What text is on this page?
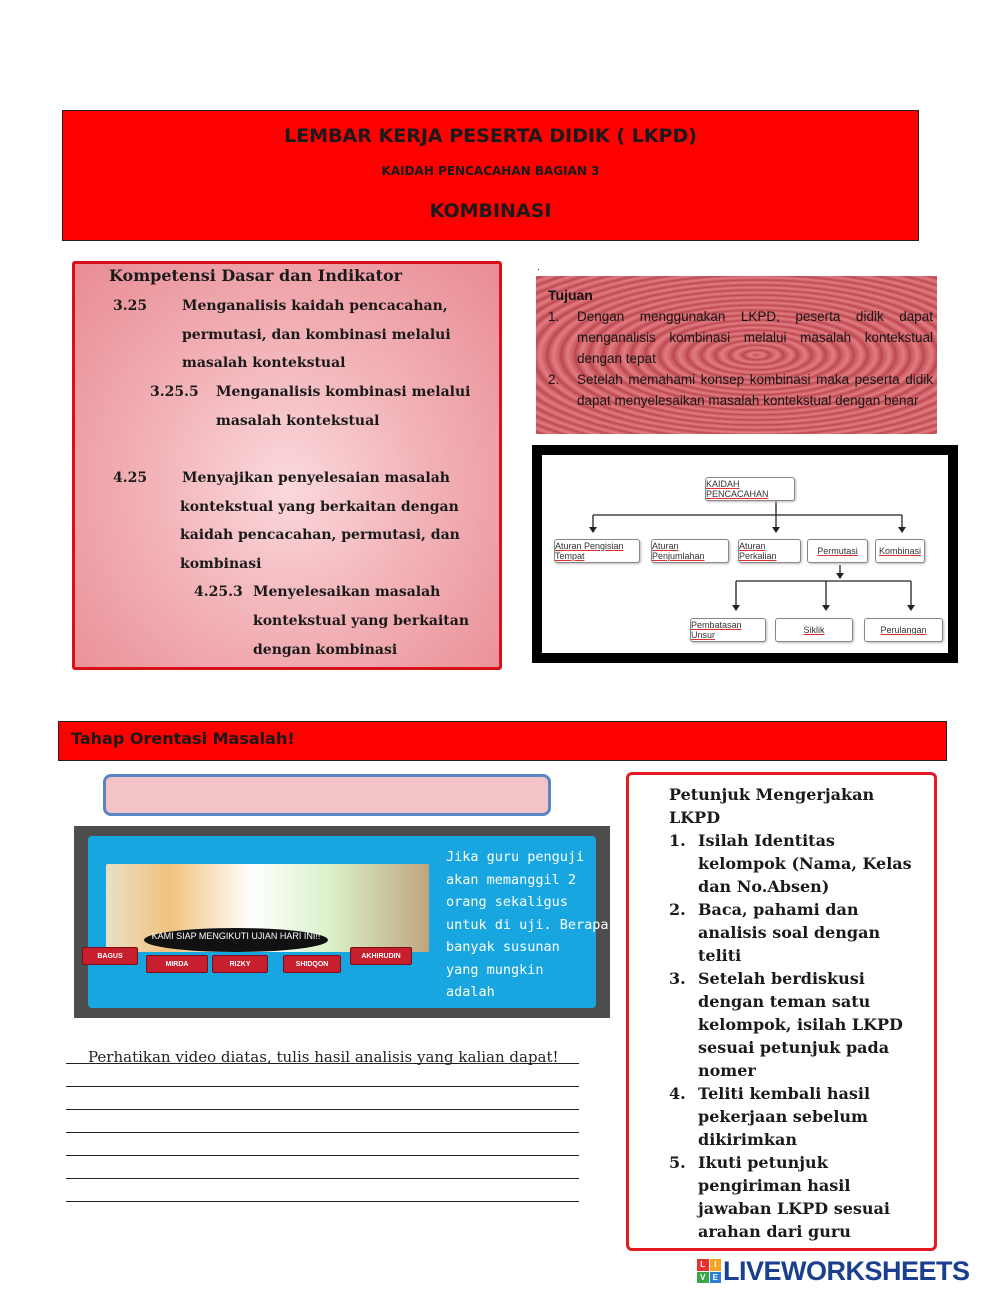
LEMBAR KERJA PESERTA DIDIK ( LKPD)
KAIDAH PENCACAHAN BAGIAN 3
KOMBINASI
Kompetensi Dasar dan Indikator
3.25 Menganalisis kaidah pencacahan,
permutasi, dan kombinasi melalui
masalah kontekstual
3.25.5 Menganalisis kombinasi melalui
masalah kontekstual
4.25 Menyajikan penyelesaian masalah
kontekstual yang berkaitan dengan
kaidah pencacahan, permutasi, dan
kombinasi
4.25.3 Menyelesaikan masalah
kontekstual yang berkaitan
dengan kombinasi
.
Tujuan
1. Dengan menggunakan LKPD, peserta didik dapat menganalisis kombinasi melalui masalah kontekstual dengan tepat
2. Setelah memahami konsep kombinasi maka peserta didik dapat menyelesaikan masalah kontekstual dengan benar
KAIDAH PENCACAHAN
Aturan Pengisian Tempat
Aturan Penjumlahan
Aturan Perkalian	Permutasi	Kombinasi
Pembatasan Unsur	Siklik	Perulangan
Tahap Orentasi Masalah!
KAMI SIAP MENGIKUTI UJIAN HARI INI!!
BAGUS
MIRDA	RIZKY	SHIDQON
AKHIRUDIN
Jika guru penguji
akan memanggil 2
orang sekaligus
untuk di uji. Berapa
banyak susunan
yang mungkin
adalah
Perhatikan video diatas, tulis hasil analisis yang kalian dapat!
Petunjuk Mengerjakan
LKPD
1. Isilah Identitas
kelompok (Nama, Kelas
dan No.Absen)
2. Baca, pahami dan
analisis soal dengan
teliti
3. Setelah berdiskusi
dengan teman satu
kelompok, isilah LKPD
sesuai petunjuk pada
nomer
4. Teliti kembali hasil
pekerjaan sebelum
dikirimkan
5. Ikuti petunjuk
pengiriman hasil
jawaban LKPD sesuai
arahan dari guru
L	I
V E LIVEWORKSHEETS
